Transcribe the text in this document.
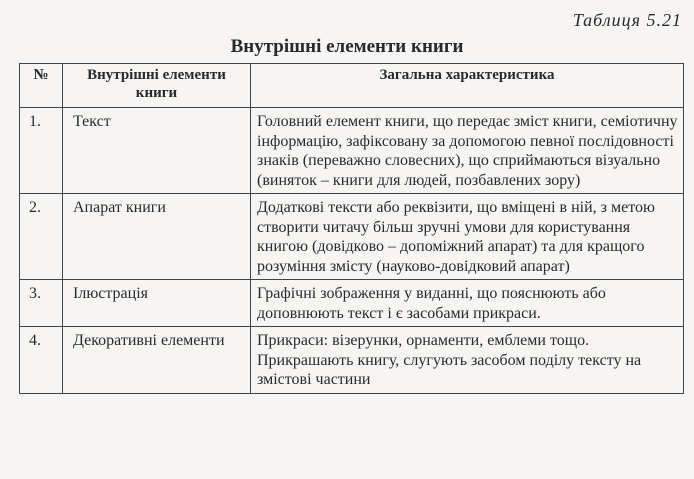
Таблиця 5.21
Внутрішні елементи книги
№	Внутрішні елементи книги	Загальна характеристика
1.	Текст	Головний елемент книги, що передає зміст книги, семіотичну інформацію, зафіксовану за допомогою певної послідовності знаків (переважно словесних), що сприймаються візуально (виняток – книги для людей, позбавлених зору)
2.	Апарат книги	Додаткові тексти або реквізити, що вміщені в ній, з метою створити читачу більш зручні умови для користування книгою (довідково – допоміжний апарат) та для кращого розуміння змісту (науково-довідковий апарат)
3.	Ілюстрація	Графічні зображення у виданні, що пояснюють або доповнюють текст і є засобами прикраси.
4.	Декоративні елементи	Прикраси: візерунки, орнаменти, емблеми тощо. Прикрашають книгу, слугують засобом поділу тексту на змістові частини
